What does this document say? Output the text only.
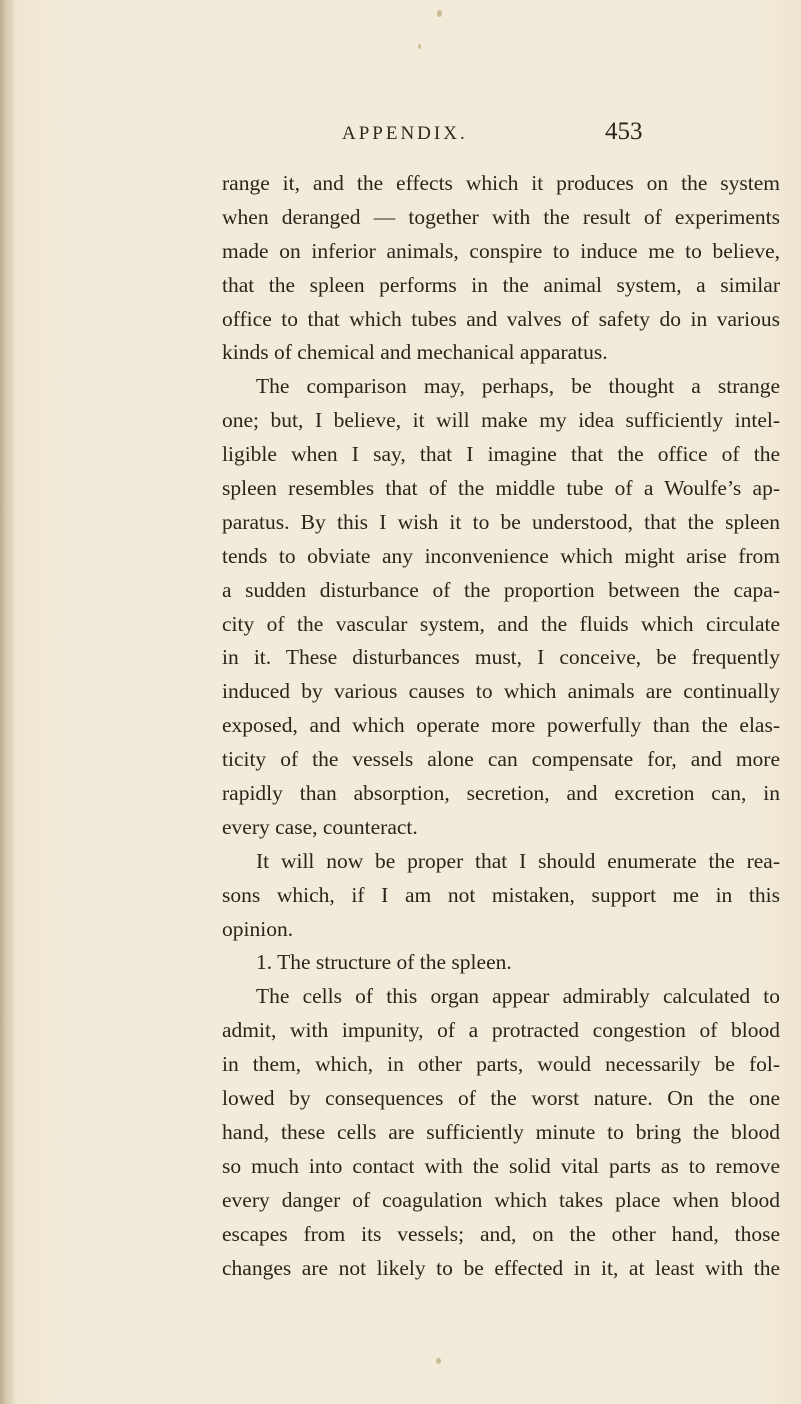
APPENDIX.	453
range it, and the effects which it produces on the system
when deranged — together with the result of experiments
made on inferior animals, conspire to induce me to believe,
that the spleen performs in the animal system, a similar
office to that which tubes and valves of safety do in various
kinds of chemical and mechanical apparatus.
The comparison may, perhaps, be thought a strange
one; but, I believe, it will make my idea sufficiently intel-
ligible when I say, that I imagine that the office of the
spleen resembles that of the middle tube of a Woulfe’s ap-
paratus. By this I wish it to be understood, that the spleen
tends to obviate any inconvenience which might arise from
a sudden disturbance of the proportion between the capa-
city of the vascular system, and the fluids which circulate
in it. These disturbances must, I conceive, be frequently
induced by various causes to which animals are continually
exposed, and which operate more powerfully than the elas-
ticity of the vessels alone can compensate for, and more
rapidly than absorption, secretion, and excretion can, in
every case, counteract.
It will now be proper that I should enumerate the rea-
sons which, if I am not mistaken, support me in this
opinion.
1. The structure of the spleen.
The cells of this organ appear admirably calculated to
admit, with impunity, of a protracted congestion of blood
in them, which, in other parts, would necessarily be fol-
lowed by consequences of the worst nature. On the one
hand, these cells are sufficiently minute to bring the blood
so much into contact with the solid vital parts as to remove
every danger of coagulation which takes place when blood
escapes from its vessels; and, on the other hand, those
changes are not likely to be effected in it, at least with the
